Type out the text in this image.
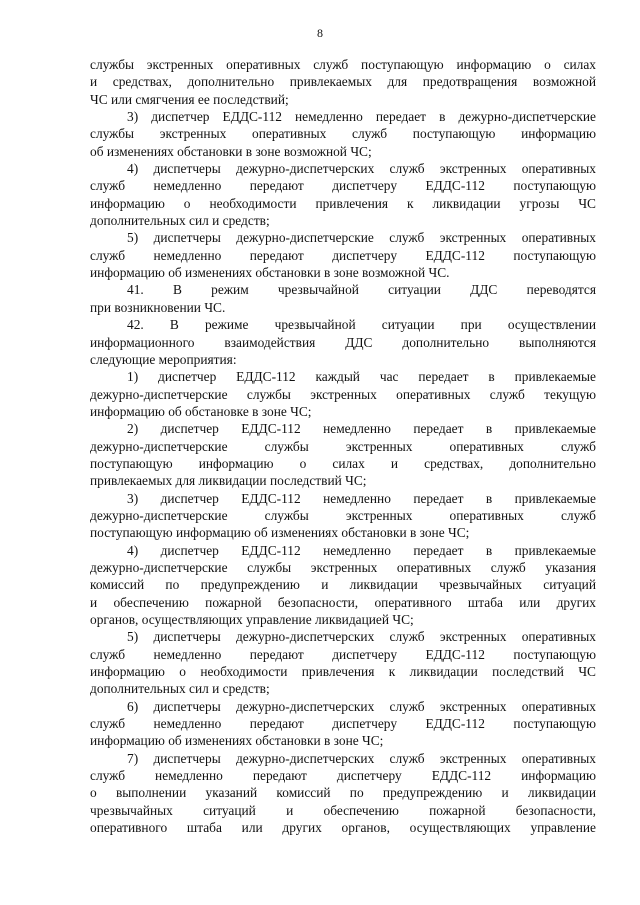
8
службы экстренных оперативных служб поступающую информацию о силах
и средствах, дополнительно привлекаемых для предотвращения возможной
ЧС или смягчения ее последствий;
3) диспетчер ЕДДС-112 немедленно передает в дежурно-диспетчерские
службы экстренных оперативных служб поступающую информацию
об изменениях обстановки в зоне возможной ЧС;
4) диспетчеры дежурно-диспетчерских служб экстренных оперативных
служб немедленно передают диспетчеру ЕДДС-112 поступающую
информацию о необходимости привлечения к ликвидации угрозы ЧС
дополнительных сил и средств;
5) диспетчеры дежурно-диспетчерские служб экстренных оперативных
служб немедленно передают диспетчеру ЕДДС-112 поступающую
информацию об изменениях обстановки в зоне возможной ЧС.
41. В режим чрезвычайной ситуации ДДС переводятся
при возникновении ЧС.
42. В режиме чрезвычайной ситуации при осуществлении
информационного взаимодействия ДДС дополнительно выполняются
следующие мероприятия:
1) диспетчер ЕДДС-112 каждый час передает в привлекаемые
дежурно-диспетчерские службы экстренных оперативных служб текущую
информацию об обстановке в зоне ЧС;
2) диспетчер ЕДДС-112 немедленно передает в привлекаемые
дежурно-диспетчерские службы экстренных оперативных служб
поступающую информацию о силах и средствах, дополнительно
привлекаемых для ликвидации последствий ЧС;
3) диспетчер ЕДДС-112 немедленно передает в привлекаемые
дежурно-диспетчерские службы экстренных оперативных служб
поступающую информацию об изменениях обстановки в зоне ЧС;
4) диспетчер ЕДДС-112 немедленно передает в привлекаемые
дежурно-диспетчерские службы экстренных оперативных служб указания
комиссий по предупреждению и ликвидации чрезвычайных ситуаций
и обеспечению пожарной безопасности, оперативного штаба или других
органов, осуществляющих управление ликвидацией ЧС;
5) диспетчеры дежурно-диспетчерских служб экстренных оперативных
служб немедленно передают диспетчеру ЕДДС-112 поступающую
информацию о необходимости привлечения к ликвидации последствий ЧС
дополнительных сил и средств;
6) диспетчеры дежурно-диспетчерских служб экстренных оперативных
служб немедленно передают диспетчеру ЕДДС-112 поступающую
информацию об изменениях обстановки в зоне ЧС;
7) диспетчеры дежурно-диспетчерских служб экстренных оперативных
служб немедленно передают диспетчеру ЕДДС-112 информацию
о выполнении указаний комиссий по предупреждению и ликвидации
чрезвычайных ситуаций и обеспечению пожарной безопасности,
оперативного штаба или других органов, осуществляющих управление
